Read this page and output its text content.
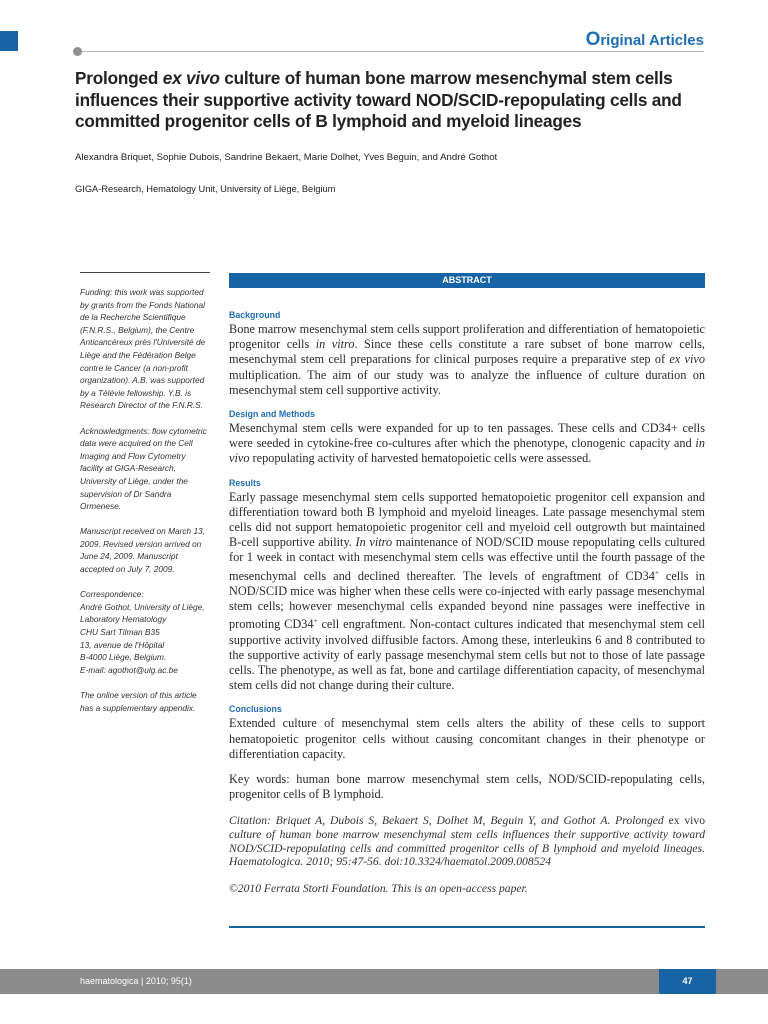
Original Articles
Prolonged ex vivo culture of human bone marrow mesenchymal stem cells influences their supportive activity toward NOD/SCID-repopulating cells and committed progenitor cells of B lymphoid and myeloid lineages
Alexandra Briquet, Sophie Dubois, Sandrine Bekaert, Marie Dolhet, Yves Beguin, and André Gothot
GIGA-Research, Hematology Unit, University of Liège, Belgium

Funding: this work was supported by grants from the Fonds National de la Recherche Scientifique (F.N.R.S., Belgium), the Centre Anticancéreux près l'Université de Liège and the Fédération Belge contre le Cancer (a non-profit organization). A.B. was supported by a Télévie fellowship. Y.B. is Research Director of the F.N.R.S.

Acknowledgments: flow cytometric data were acquired on the Cell Imaging and Flow Cytometry facility at GIGA-Research, University of Liège, under the supervision of Dr Sandra Ormenese.

Manuscript received on March 13, 2009. Revised version arrived on June 24, 2009. Manuscript accepted on July 7, 2009.

Correspondence:
André Gothot, University of Liège, Laboratory Hematology
CHU Sart Tilman B35
13, avenue de l'Hôpital
B-4000 Liège, Belgium.
E-mail: agothot@ulg.ac.be

The online version of this article has a supplementary appendix.

ABSTRACT
Background

Bone marrow mesenchymal stem cells support proliferation and differentiation of hematopoietic progenitor cells in vitro. Since these cells constitute a rare subset of bone marrow cells, mesenchymal stem cell preparations for clinical purposes require a preparative step of ex vivo multiplication. The aim of our study was to analyze the influence of culture duration on mesenchymal stem cell supportive activity.

Design and Methods

Mesenchymal stem cells were expanded for up to ten passages. These cells and CD34+ cells were seeded in cytokine-free co-cultures after which the phenotype, clonogenic capacity and in vivo repopulating activity of harvested hematopoietic cells were assessed.

Results

Early passage mesenchymal stem cells supported hematopoietic progenitor cell expansion and differentiation toward both B lymphoid and myeloid lineages. Late passage mesenchymal stem cells did not support hematopoietic progenitor cell and myeloid cell outgrowth but maintained B-cell supportive ability. In vitro maintenance of NOD/SCID mouse repopulating cells cultured for 1 week in contact with mesenchymal stem cells was effective until the fourth passage of the mesenchymal cells and declined thereafter. The levels of engraftment of CD34+ cells in NOD/SCID mice was higher when these cells were co-injected with early passage mesenchymal stem cells; however mesenchymal cells expanded beyond nine passages were ineffective in promoting CD34+ cell engraftment. Non-contact cultures indicated that mesenchymal stem cell supportive activity involved diffusible factors. Among these, interleukins 6 and 8 contributed to the supportive activity of early passage mesenchymal stem cells but not to those of late passage cells. The phenotype, as well as fat, bone and cartilage differentiation capacity, of mesenchymal stem cells did not change during their culture.

Conclusions

Extended culture of mesenchymal stem cells alters the ability of these cells to support hematopoietic progenitor cells without causing concomitant changes in their phenotype or differentiation capacity.

Key words: human bone marrow mesenchymal stem cells, NOD/SCID-repopulating cells, progenitor cells of B lymphoid.

Citation: Briquet A, Dubois S, Bekaert S, Dolhet M, Beguin Y, and Gothot A. Prolonged ex vivo culture of human bone marrow mesenchymal stem cells influences their supportive activity toward NOD/SCID-repopulating cells and committed progenitor cells of B lymphoid and myeloid lineages. Haematologica. 2010; 95:47-56. doi:10.3324/haematol.2009.008524

©2010 Ferrata Storti Foundation. This is an open-access paper.

haematologica | 2010; 95(1)	47
